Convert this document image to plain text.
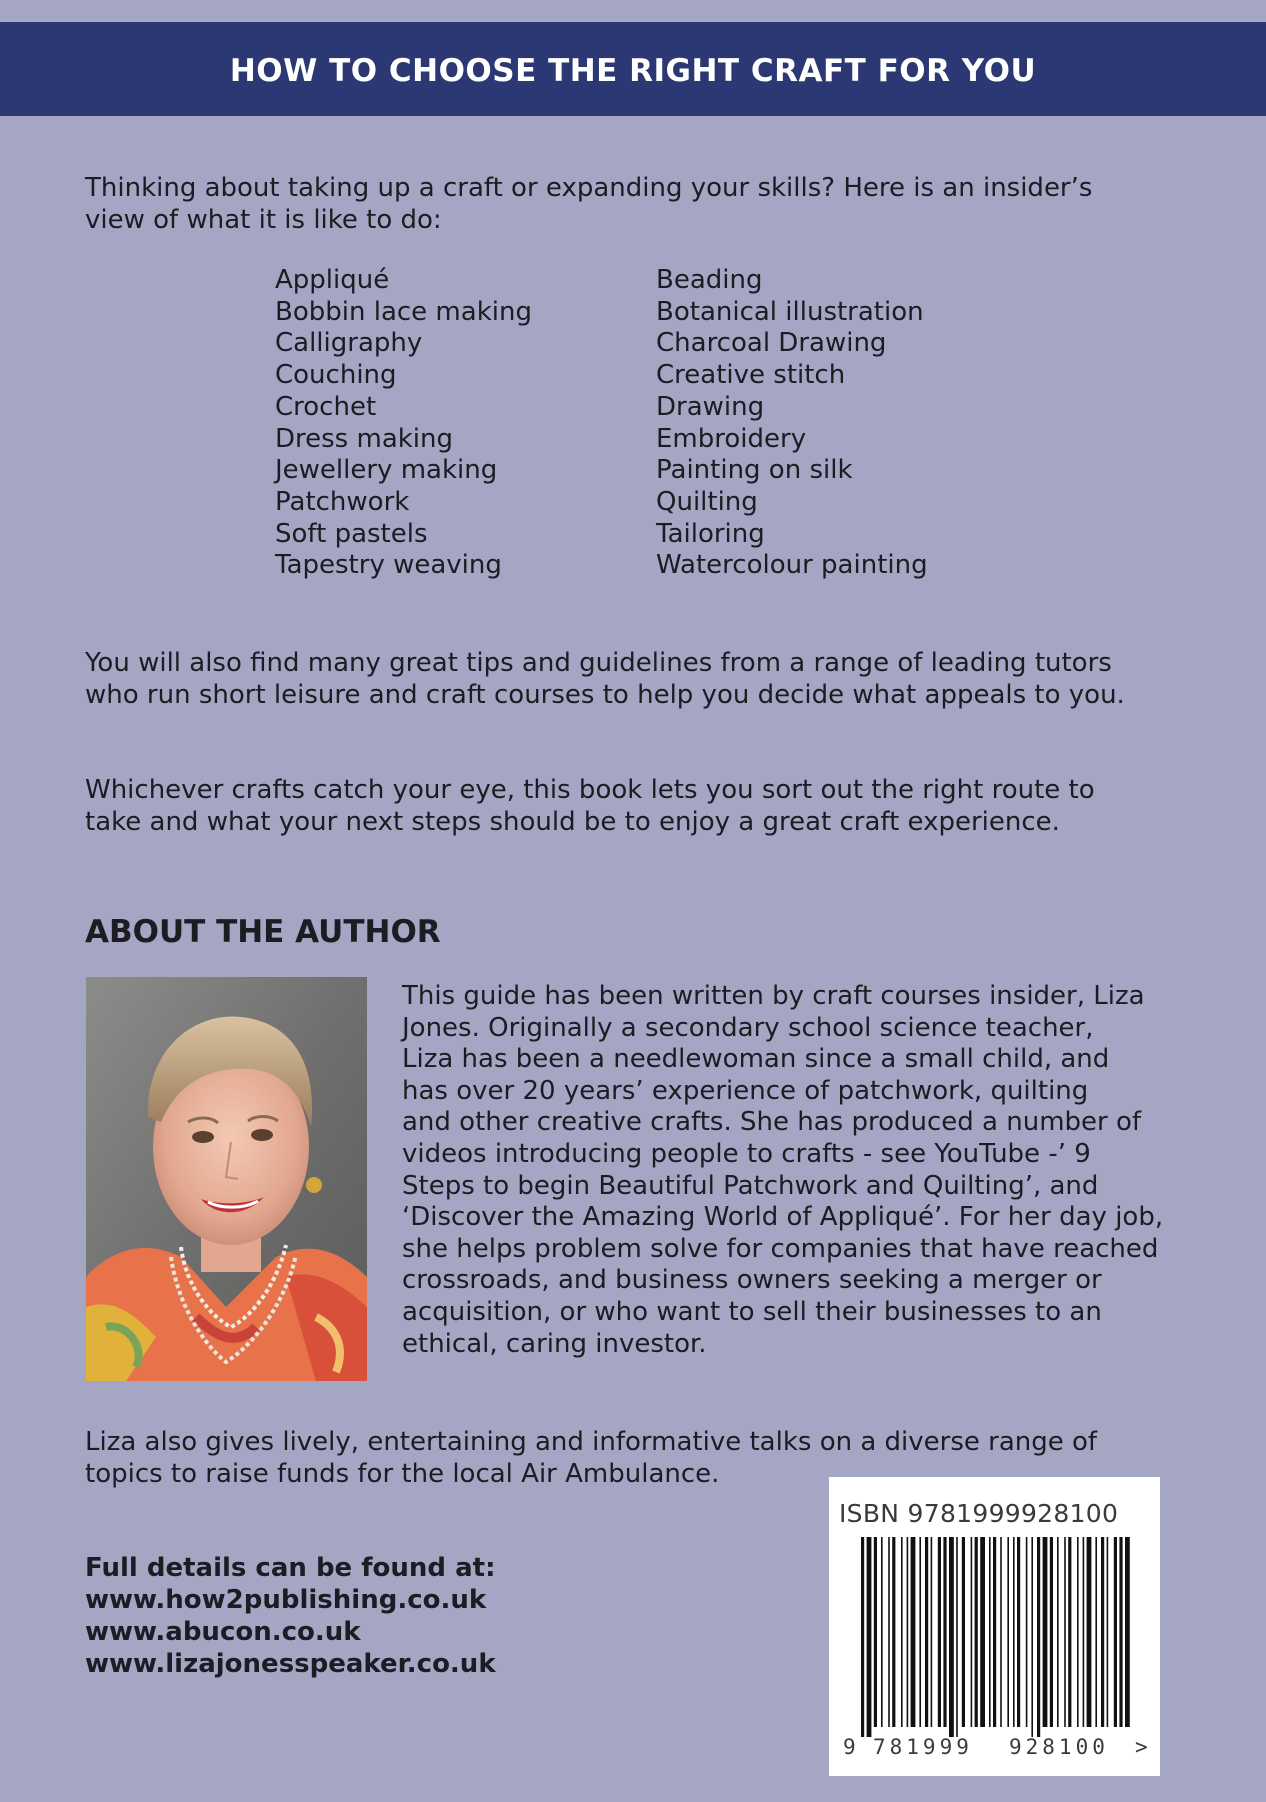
HOW TO CHOOSE THE RIGHT CRAFT FOR YOU

Thinking about taking up a craft or expanding your skills? Here is an insider’s
view of what it is like to do:

Appliqué
Bobbin lace making
Calligraphy
Couching
Crochet
Dress making
Jewellery making
Patchwork
Soft pastels
Tapestry weaving
Beading
Botanical illustration
Charcoal Drawing
Creative stitch
Drawing
Embroidery
Painting on silk
Quilting
Tailoring
Watercolour painting

You will also find many great tips and guidelines from a range of leading tutors
who run short leisure and craft courses to help you decide what appeals to you.

Whichever crafts catch your eye, this book lets you sort out the right route to
take and what your next steps should be to enjoy a great craft experience.

ABOUT THE AUTHOR

This guide has been written by craft courses insider, Liza
Jones. Originally a secondary school science teacher,
Liza has been a needlewoman since a small child, and
has over 20 years’ experience of patchwork, quilting
and other creative crafts. She has produced a number of
videos introducing people to crafts - see YouTube -’ 9
Steps to begin Beautiful Patchwork and Quilting’, and
‘Discover the Amazing World of Appliqué’. For her day job,
she helps problem solve for companies that have reached
crossroads, and business owners seeking a merger or
acquisition, or who want to sell their businesses to an
ethical, caring investor.

Liza also gives lively, entertaining and informative talks on a diverse range of
topics to raise funds for the local Air Ambulance.

Full details can be found at:
www.how2publishing.co.uk
www.abucon.co.uk
www.lizajonesspeaker.co.uk
ISBN 9781999928100
9 781999 928100 >
